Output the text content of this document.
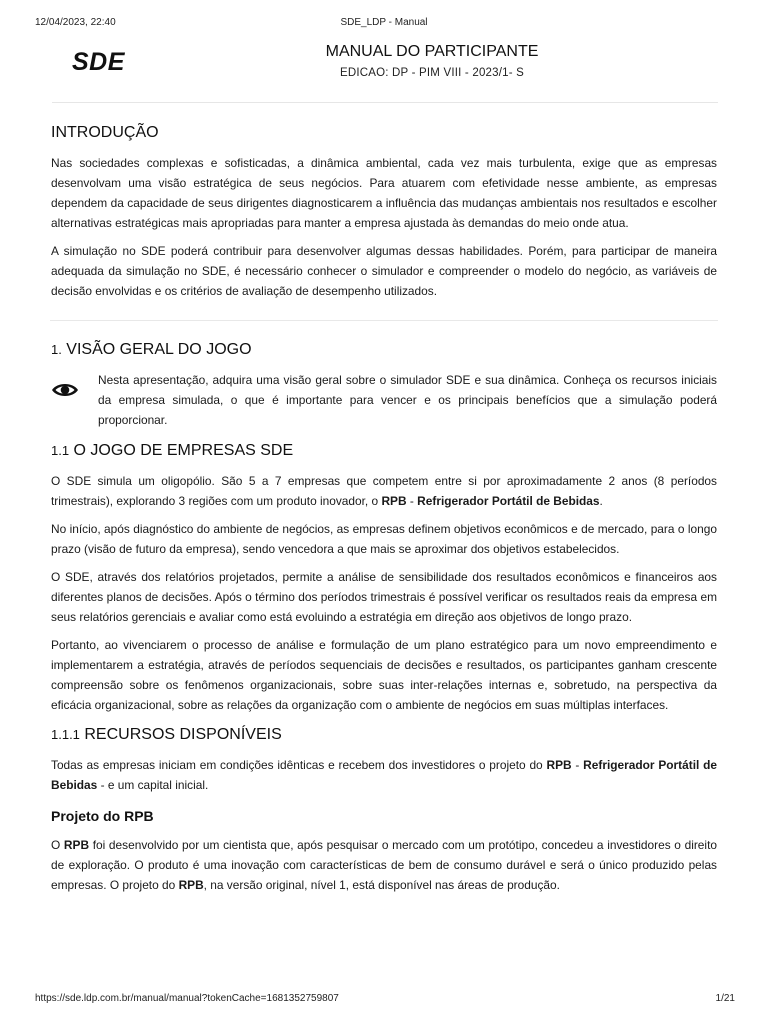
12/04/2023, 22:40	SDE_LDP - Manual
SDE	MANUAL DO PARTICIPANTE
EDICAO: DP - PIM VIII - 2023/1- S
INTRODUÇÃO

Nas sociedades complexas e sofisticadas, a dinâmica ambiental, cada vez mais turbulenta, exige que as empresas desenvolvam uma visão estratégica de seus negócios. Para atuarem com efetividade nesse ambiente, as empresas dependem da capacidade de seus dirigentes diagnosticarem a influência das mudanças ambientais nos resultados e escolher alternativas estratégicas mais apropriadas para manter a empresa ajustada às demandas do meio onde atua.

A simulação no SDE poderá contribuir para desenvolver algumas dessas habilidades. Porém, para participar de maneira adequada da simulação no SDE, é necessário conhecer o simulador e compreender o modelo do negócio, as variáveis de decisão envolvidas e os critérios de avaliação de desempenho utilizados.

1. VISÃO GERAL DO JOGO

Nesta apresentação, adquira uma visão geral sobre o simulador SDE e sua dinâmica. Conheça os recursos iniciais da empresa simulada, o que é importante para vencer e os principais benefícios que a simulação poderá proporcionar.

1.1 O JOGO DE EMPRESAS SDE

O SDE simula um oligopólio. São 5 a 7 empresas que competem entre si por aproximadamente 2 anos (8 períodos trimestrais), explorando 3 regiões com um produto inovador, o RPB - Refrigerador Portátil de Bebidas.

No início, após diagnóstico do ambiente de negócios, as empresas definem objetivos econômicos e de mercado, para o longo prazo (visão de futuro da empresa), sendo vencedora a que mais se aproximar dos objetivos estabelecidos.

O SDE, através dos relatórios projetados, permite a análise de sensibilidade dos resultados econômicos e financeiros aos diferentes planos de decisões. Após o término dos períodos trimestrais é possível verificar os resultados reais da empresa em seus relatórios gerenciais e avaliar como está evoluindo a estratégia em direção aos objetivos de longo prazo.

Portanto, ao vivenciarem o processo de análise e formulação de um plano estratégico para um novo empreendimento e implementarem a estratégia, através de períodos sequenciais de decisões e resultados, os participantes ganham crescente compreensão sobre os fenômenos organizacionais, sobre suas inter-relações internas e, sobretudo, na perspectiva da eficácia organizacional, sobre as relações da organização com o ambiente de negócios em suas múltiplas interfaces.

1.1.1 RECURSOS DISPONÍVEIS

Todas as empresas iniciam em condições idênticas e recebem dos investidores o projeto do RPB - Refrigerador Portátil de Bebidas - e um capital inicial.

Projeto do RPB

O RPB foi desenvolvido por um cientista que, após pesquisar o mercado com um protótipo, concedeu a investidores o direito de exploração. O produto é uma inovação com características de bem de consumo durável e será o único produzido pelas empresas. O projeto do RPB, na versão original, nível 1, está disponível nas áreas de produção.

https://sde.ldp.com.br/manual/manual?tokenCache=1681352759807	1/21
